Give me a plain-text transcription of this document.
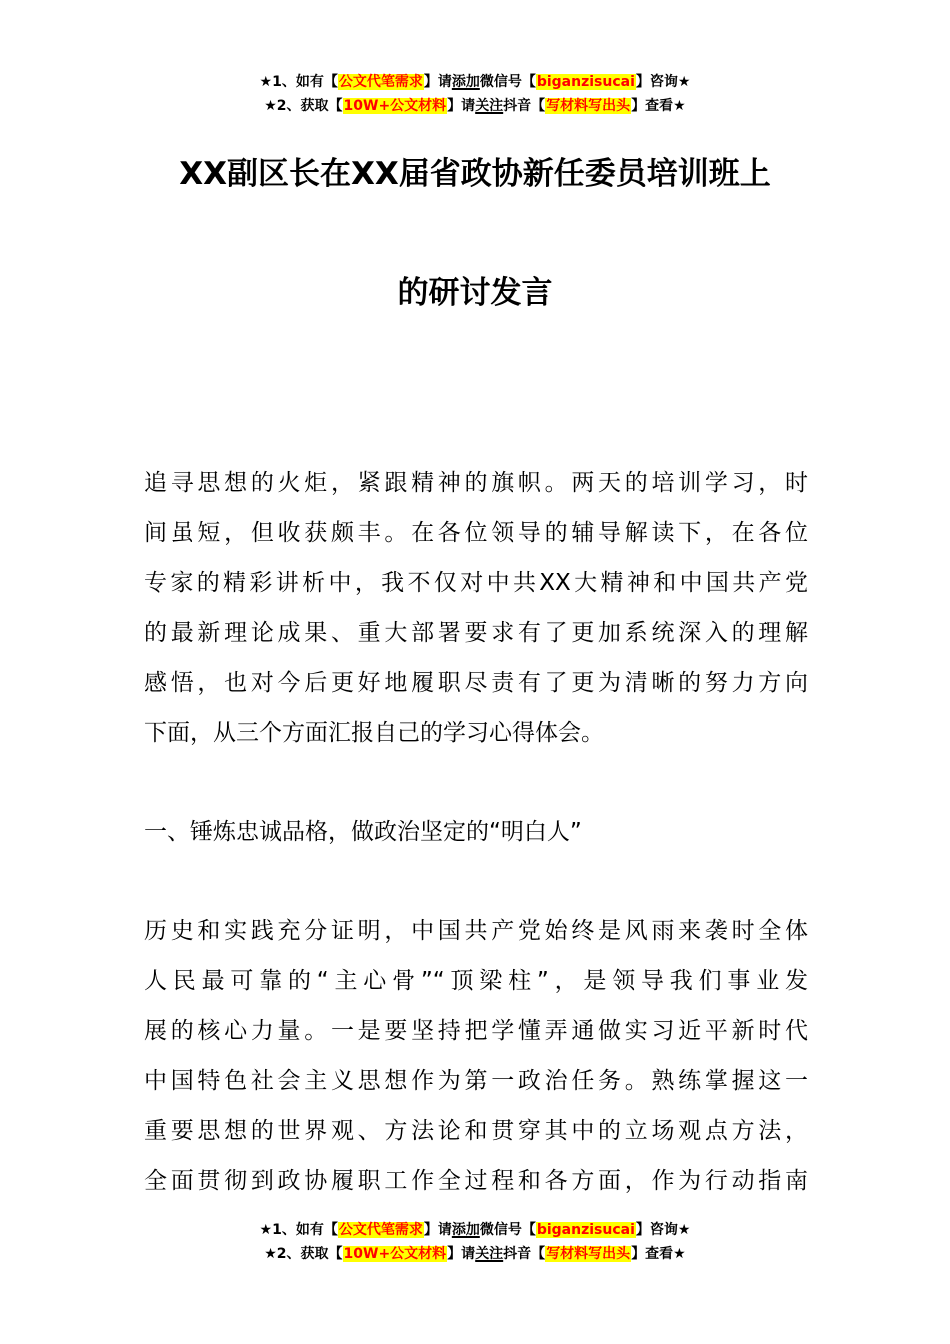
★1、如有【公文代笔需求】请添加微信号【biganzisucai】咨询★
★2、获取【10W+公文材料】请关注抖音【写材料写出头】查看★
XX副区长在XX届省政协新任委员培训班上
的研讨发言
追寻思想的火炬，紧跟精神的旗帜。两天的培训学习，时
间虽短，但收获颇丰。在各位领导的辅导解读下，在各位
专家的精彩讲析中，我不仅对中共XX大精神和中国共产党
的最新理论成果、重大部署要求有了更加系统深入的理解
感悟，也对今后更好地履职尽责有了更为清晰的努力方向
下面，从三个方面汇报自己的学习心得体会。
一、锤炼忠诚品格，做政治坚定的“明白人”
历史和实践充分证明，中国共产党始终是风雨来袭时全体
人民最可靠的“主心骨”“顶梁柱”，是领导我们事业发
展的核心力量。一是要坚持把学懂弄通做实习近平新时代
中国特色社会主义思想作为第一政治任务。熟练掌握这一
重要思想的世界观、方法论和贯穿其中的立场观点方法，
全面贯彻到政协履职工作全过程和各方面，作为行动指南
★1、如有【公文代笔需求】请添加微信号【biganzisucai】咨询★
★2、获取【10W+公文材料】请关注抖音【写材料写出头】查看★
